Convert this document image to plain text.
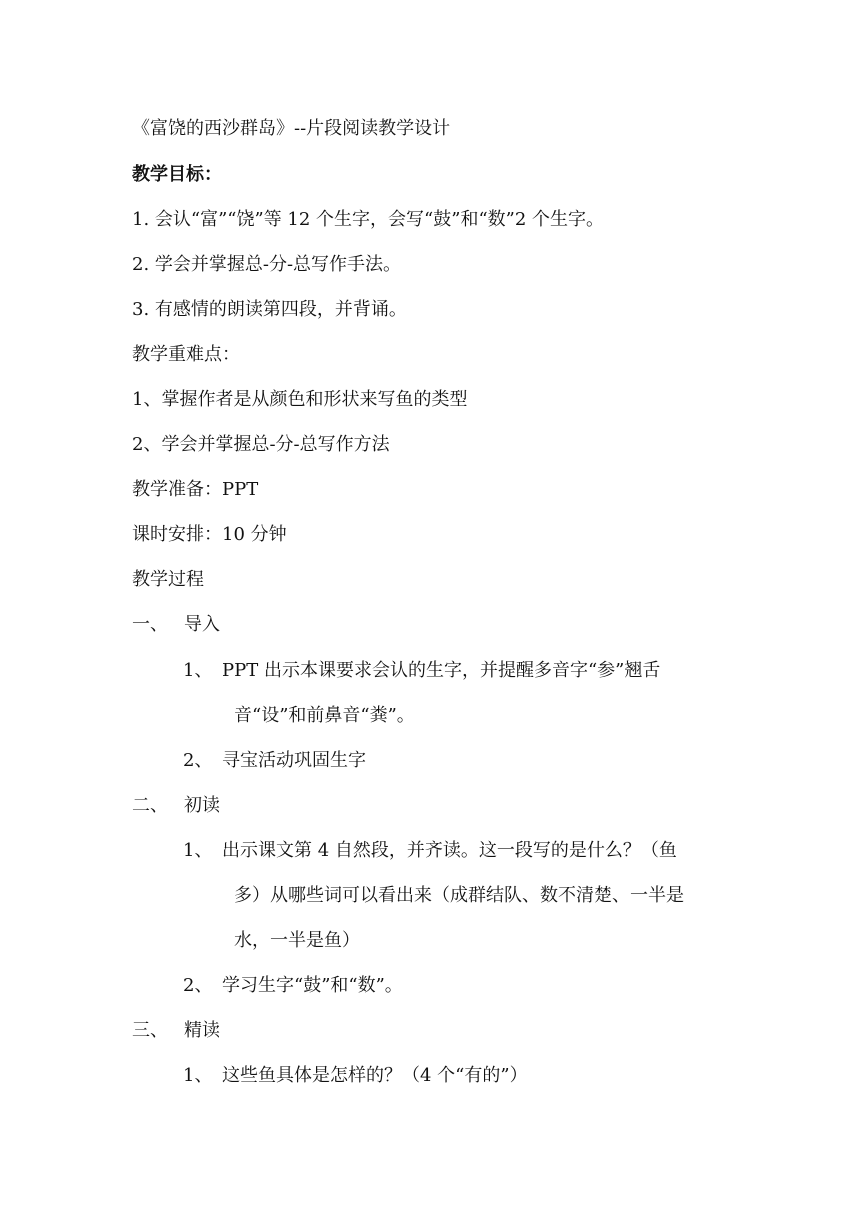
《富饶的西沙群岛》--片段阅读教学设计
教学目标：
1. 会认“富”“饶”等 12 个生字，会写“鼓”和“数”2 个生字。
2. 学会并掌握总-分-总写作手法。
3. 有感情的朗读第四段，并背诵。
教学重难点：
1、掌握作者是从颜色和形状来写鱼的类型
2、学会并掌握总-分-总写作方法
教学准备：PPT
课时安排：10 分钟
教学过程
一、 导入
1、 PPT 出示本课要求会认的生字，并提醒多音字“参”翘舌
音“设”和前鼻音“粪”。
2、 寻宝活动巩固生字
二、 初读
1、 出示课文第 4 自然段，并齐读。这一段写的是什么？（鱼
多）从哪些词可以看出来（成群结队、数不清楚、一半是
水，一半是鱼）
2、 学习生字“鼓”和“数”。
三、 精读
1、 这些鱼具体是怎样的？（4 个“有的”）
